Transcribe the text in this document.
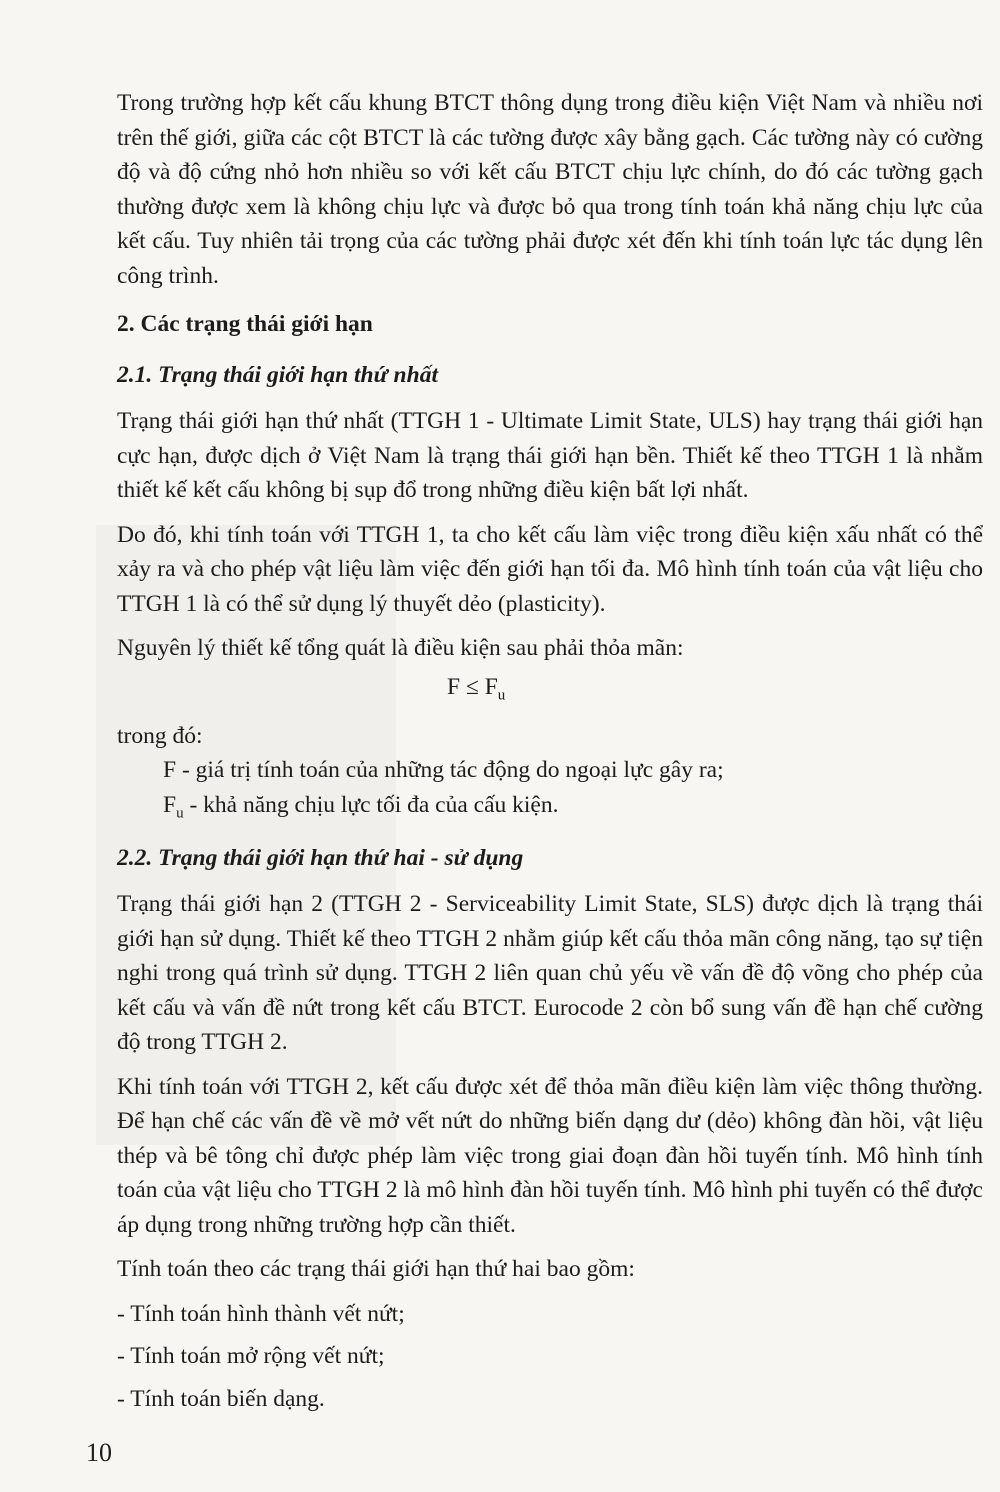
Trong trường hợp kết cấu khung BTCT thông dụng trong điều kiện Việt Nam và nhiều nơi trên thế giới, giữa các cột BTCT là các tường được xây bằng gạch. Các tường này có cường độ và độ cứng nhỏ hơn nhiều so với kết cấu BTCT chịu lực chính, do đó các tường gạch thường được xem là không chịu lực và được bỏ qua trong tính toán khả năng chịu lực của kết cấu. Tuy nhiên tải trọng của các tường phải được xét đến khi tính toán lực tác dụng lên công trình.

2. Các trạng thái giới hạn

2.1. Trạng thái giới hạn thứ nhất

Trạng thái giới hạn thứ nhất (TTGH 1 - Ultimate Limit State, ULS) hay trạng thái giới hạn cực hạn, được dịch ở Việt Nam là trạng thái giới hạn bền. Thiết kế theo TTGH 1 là nhằm thiết kế kết cấu không bị sụp đổ trong những điều kiện bất lợi nhất.

Do đó, khi tính toán với TTGH 1, ta cho kết cấu làm việc trong điều kiện xấu nhất có thể xảy ra và cho phép vật liệu làm việc đến giới hạn tối đa. Mô hình tính toán của vật liệu cho TTGH 1 là có thể sử dụng lý thuyết dẻo (plasticity).

Nguyên lý thiết kế tổng quát là điều kiện sau phải thỏa mãn:

$F \le F_u$

trong đó:

F - giá trị tính toán của những tác động do ngoại lực gây ra;

$F_u$ - khả năng chịu lực tối đa của cấu kiện.

2.2. Trạng thái giới hạn thứ hai - sử dụng

Trạng thái giới hạn 2 (TTGH 2 - Serviceability Limit State, SLS) được dịch là trạng thái giới hạn sử dụng. Thiết kế theo TTGH 2 nhằm giúp kết cấu thỏa mãn công năng, tạo sự tiện nghi trong quá trình sử dụng. TTGH 2 liên quan chủ yếu về vấn đề độ võng cho phép của kết cấu và vấn đề nứt trong kết cấu BTCT. Eurocode 2 còn bổ sung vấn đề hạn chế cường độ trong TTGH 2.

Khi tính toán với TTGH 2, kết cấu được xét để thỏa mãn điều kiện làm việc thông thường. Để hạn chế các vấn đề về mở vết nứt do những biến dạng dư (dẻo) không đàn hồi, vật liệu thép và bê tông chỉ được phép làm việc trong giai đoạn đàn hồi tuyến tính. Mô hình tính toán của vật liệu cho TTGH 2 là mô hình đàn hồi tuyến tính. Mô hình phi tuyến có thể được áp dụng trong những trường hợp cần thiết.

Tính toán theo các trạng thái giới hạn thứ hai bao gồm:

- Tính toán hình thành vết nứt;

- Tính toán mở rộng vết nứt;

- Tính toán biến dạng.

10
